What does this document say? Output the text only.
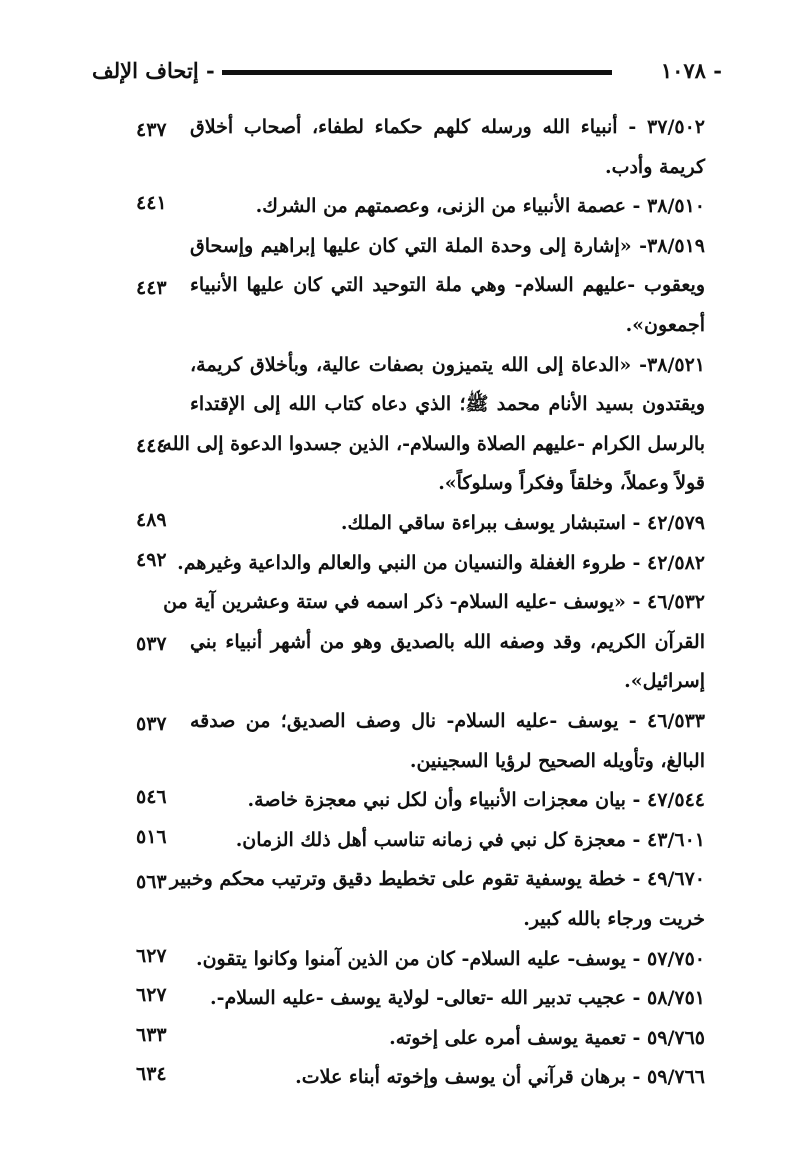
- إتحاف الإلف	١٠٧٨ -
٣٧/٥٠٢ - أنبياء الله ورسله كلهم حكماء لطفاء، أصحاب أخلاق
كريمة وأدب.
٤٣٧
٣٨/٥١٠ - عصمة الأنبياء من الزنى، وعصمتهم من الشرك.
٤٤١
٣٨/٥١٩- «إشارة إلى وحدة الملة التي كان عليها إبراهيم وإسحاق
ويعقوب -عليهم السلام- وهي ملة التوحيد التي كان عليها الأنبياء
أجمعون».
٤٤٣
٣٨/٥٢١- «الدعاة إلى الله يتميزون بصفات عالية، وبأخلاق كريمة،
ويقتدون بسيد الأنام محمد ﷺ؛ الذي دعاه كتاب الله إلى الإقتداء
بالرسل الكرام -عليهم الصلاة والسلام-، الذين جسدوا الدعوة إلى الله
قولاً وعملاً، وخلقاً وفكراً وسلوكاً».
٤٤٤
٤٢/٥٧٩ - استبشار يوسف ببراءة ساقي الملك.
٤٨٩
٤٢/٥٨٢ - طروء الغفلة والنسيان من النبي والعالم والداعية وغيرهم.
٤٩٢
٤٦/٥٣٢ - «يوسف -عليه السلام- ذكر اسمه في ستة وعشرين آية من
القرآن الكريم، وقد وصفه الله بالصديق وهو من أشهر أنبياء بني
إسرائيل».
٥٣٧
٤٦/٥٣٣ - يوسف -عليه السلام- نال وصف الصديق؛ من صدقه
البالغ، وتأويله الصحيح لرؤيا السجينين.
٥٣٧
٤٧/٥٤٤ - بيان معجزات الأنبياء وأن لكل نبي معجزة خاصة.
٥٤٦
٤٣/٦٠١ - معجزة كل نبي في زمانه تناسب أهل ذلك الزمان.
٥١٦
٤٩/٦٧٠ - خطة يوسفية تقوم على تخطيط دقيق وترتيب محكم وخبير
خريت ورجاء بالله كبير.
٥٦٣
٥٧/٧٥٠ - يوسف- عليه السلام- كان من الذين آمنوا وكانوا يتقون.
٦٢٧
٥٨/٧٥١ - عجيب تدبير الله -تعالى- لولاية يوسف -عليه السلام-.
٦٢٧
٥٩/٧٦٥ - تعمية يوسف أمره على إخوته.
٦٣٣
٥٩/٧٦٦ - برهان قرآني أن يوسف وإخوته أبناء علات.
٦٣٤
